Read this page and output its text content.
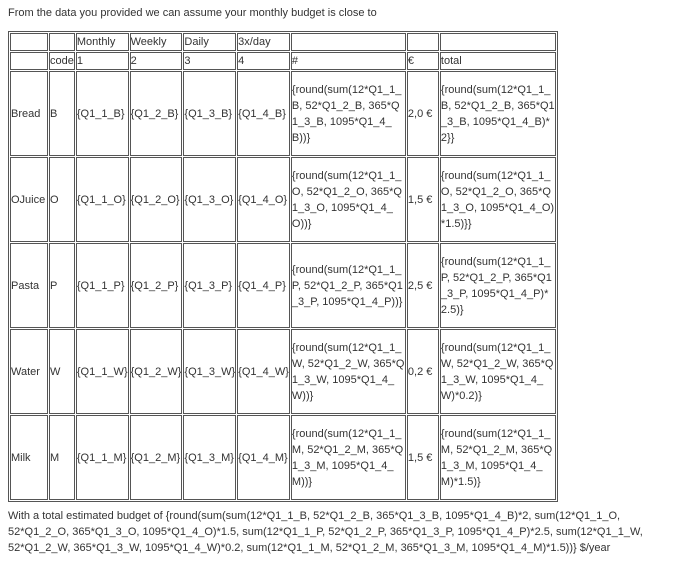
From the data you provided we can assume your monthly budget is close to
		Monthly	Weekly	Daily	3x/day			
	code	1	2	3	4	#	€	total
Bread	B	{Q1_1_B}	{Q1_2_B}	{Q1_3_B}	{Q1_4_B}	{round(sum(12*Q1_1_B, 52*Q1_2_B, 365*Q1_3_B, 1095*Q1_4_B))}	2,0 €	{round(sum(12*Q1_1_B, 52*Q1_2_B, 365*Q1_3_B, 1095*Q1_4_B)*2}}
OJuice	O	{Q1_1_O}	{Q1_2_O}	{Q1_3_O}	{Q1_4_O}	{round(sum(12*Q1_1_O, 52*Q1_2_O, 365*Q1_3_O, 1095*Q1_4_O))}	1,5 €	{round(sum(12*Q1_1_O, 52*Q1_2_O, 365*Q1_3_O, 1095*Q1_4_O)*1.5)}}
Pasta	P	{Q1_1_P}	{Q1_2_P}	{Q1_3_P}	{Q1_4_P}	{round(sum(12*Q1_1_P, 52*Q1_2_P, 365*Q1_3_P, 1095*Q1_4_P))}	2,5 €	{round(sum(12*Q1_1_P, 52*Q1_2_P, 365*Q1_3_P, 1095*Q1_4_P)*2.5)}
Water	W	{Q1_1_W}	{Q1_2_W}	{Q1_3_W}	{Q1_4_W}	{round(sum(12*Q1_1_W, 52*Q1_2_W, 365*Q1_3_W, 1095*Q1_4_W))}	0,2 €	{round(sum(12*Q1_1_W, 52*Q1_2_W, 365*Q1_3_W, 1095*Q1_4_W)*0.2)}
Milk	M	{Q1_1_M}	{Q1_2_M}	{Q1_3_M}	{Q1_4_M}	{round(sum(12*Q1_1_M, 52*Q1_2_M, 365*Q1_3_M, 1095*Q1_4_M))}	1,5 €	{round(sum(12*Q1_1_M, 52*Q1_2_M, 365*Q1_3_M, 1095*Q1_4_M)*1.5)}
With a total estimated budget of {round(sum(sum(12*Q1_1_B, 52*Q1_2_B, 365*Q1_3_B, 1095*Q1_4_B)*2, sum(12*Q1_1_O, 52*Q1_2_O, 365*Q1_3_O, 1095*Q1_4_O)*1.5, sum(12*Q1_1_P, 52*Q1_2_P, 365*Q1_3_P, 1095*Q1_4_P)*2.5, sum(12*Q1_1_W, 52*Q1_2_W, 365*Q1_3_W, 1095*Q1_4_W)*0.2, sum(12*Q1_1_M, 52*Q1_2_M, 365*Q1_3_M, 1095*Q1_4_M)*1.5))} $/year
